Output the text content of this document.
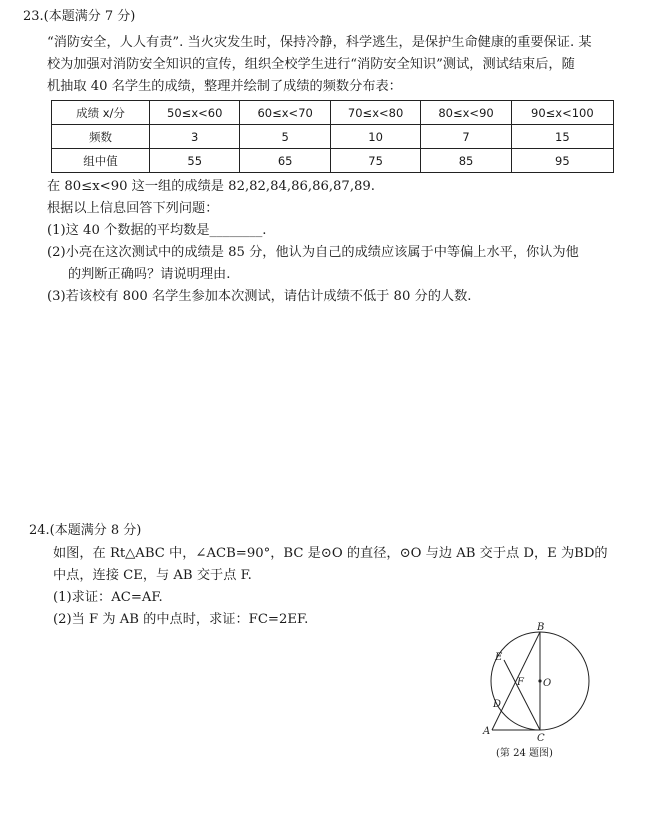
23.(本题满分 7 分)
“消防安全，人人有责”. 当火灾发生时，保持冷静，科学逃生，是保护生命健康的重要保证. 某
校为加强对消防安全知识的宣传，组织全校学生进行“消防安全知识”测试，测试结束后，随
机抽取 40 名学生的成绩，整理并绘制了成绩的频数分布表：
成绩 x/分	50≤x<60	60≤x<70	70≤x<80	80≤x<90	90≤x<100
频数	3	5	10	7	15
组中值	55	65	75	85	95
在 80≤x<90 这一组的成绩是 82,82,84,86,86,87,89.
根据以上信息回答下列问题：
(1)这 40 个数据的平均数是________.
(2)小亮在这次测试中的成绩是 85 分，他认为自己的成绩应该属于中等偏上水平，你认为他
的判断正确吗？请说明理由.
(3)若该校有 800 名学生参加本次测试，请估计成绩不低于 80 分的人数.
24.(本题满分 8 分)
如图，在 Rt△ABC 中，∠ACB=90°，BC 是⊙O 的直径，⊙O 与边 AB 交于点 D，E 为BD的
中点，连接 CE，与 AB 交于点 F.
(1)求证：AC=AF.
(2)当 F 为 AB 的中点时，求证：FC=2EF.
B
E
F O
D
A
C
(第 24 题图)
